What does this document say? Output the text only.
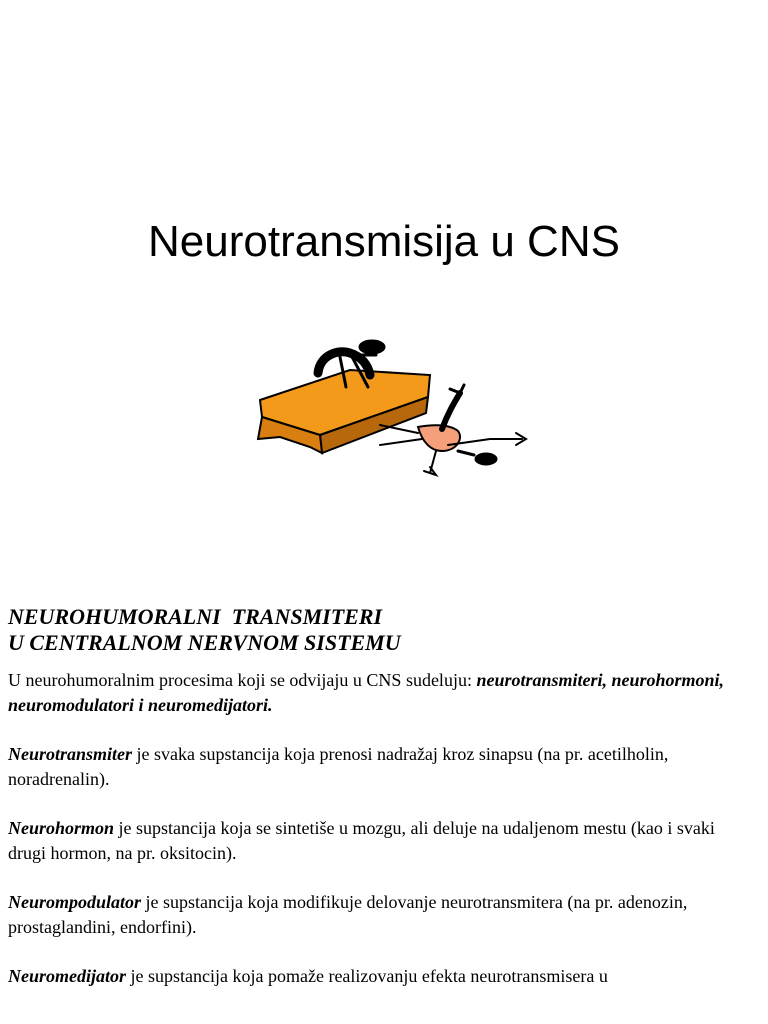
Neurotransmisija u CNS
NEUROHUMORALNI  TRANSMITERI
U CENTRALNOM NERVNOM SISTEMU

U neurohumoralnim procesima koji se odvijaju u CNS sudeluju: neurotransmiteri, neurohormoni, neuromodulatori i neuromedijatori.

Neurotransmiter je svaka supstancija koja prenosi nadražaj kroz sinapsu (na pr. acetilholin, noradrenalin).

Neurohormon je supstancija koja se sintetiše u mozgu, ali deluje na udaljenom mestu (kao i svaki drugi hormon, na pr. oksitocin).

Neurompodulator je supstancija koja modifikuje delovanje neurotransmitera (na pr. adenozin, prostaglandini, endorfini).

Neuromedijator je supstancija koja pomaže realizovanju efekta neurotransmisera u
